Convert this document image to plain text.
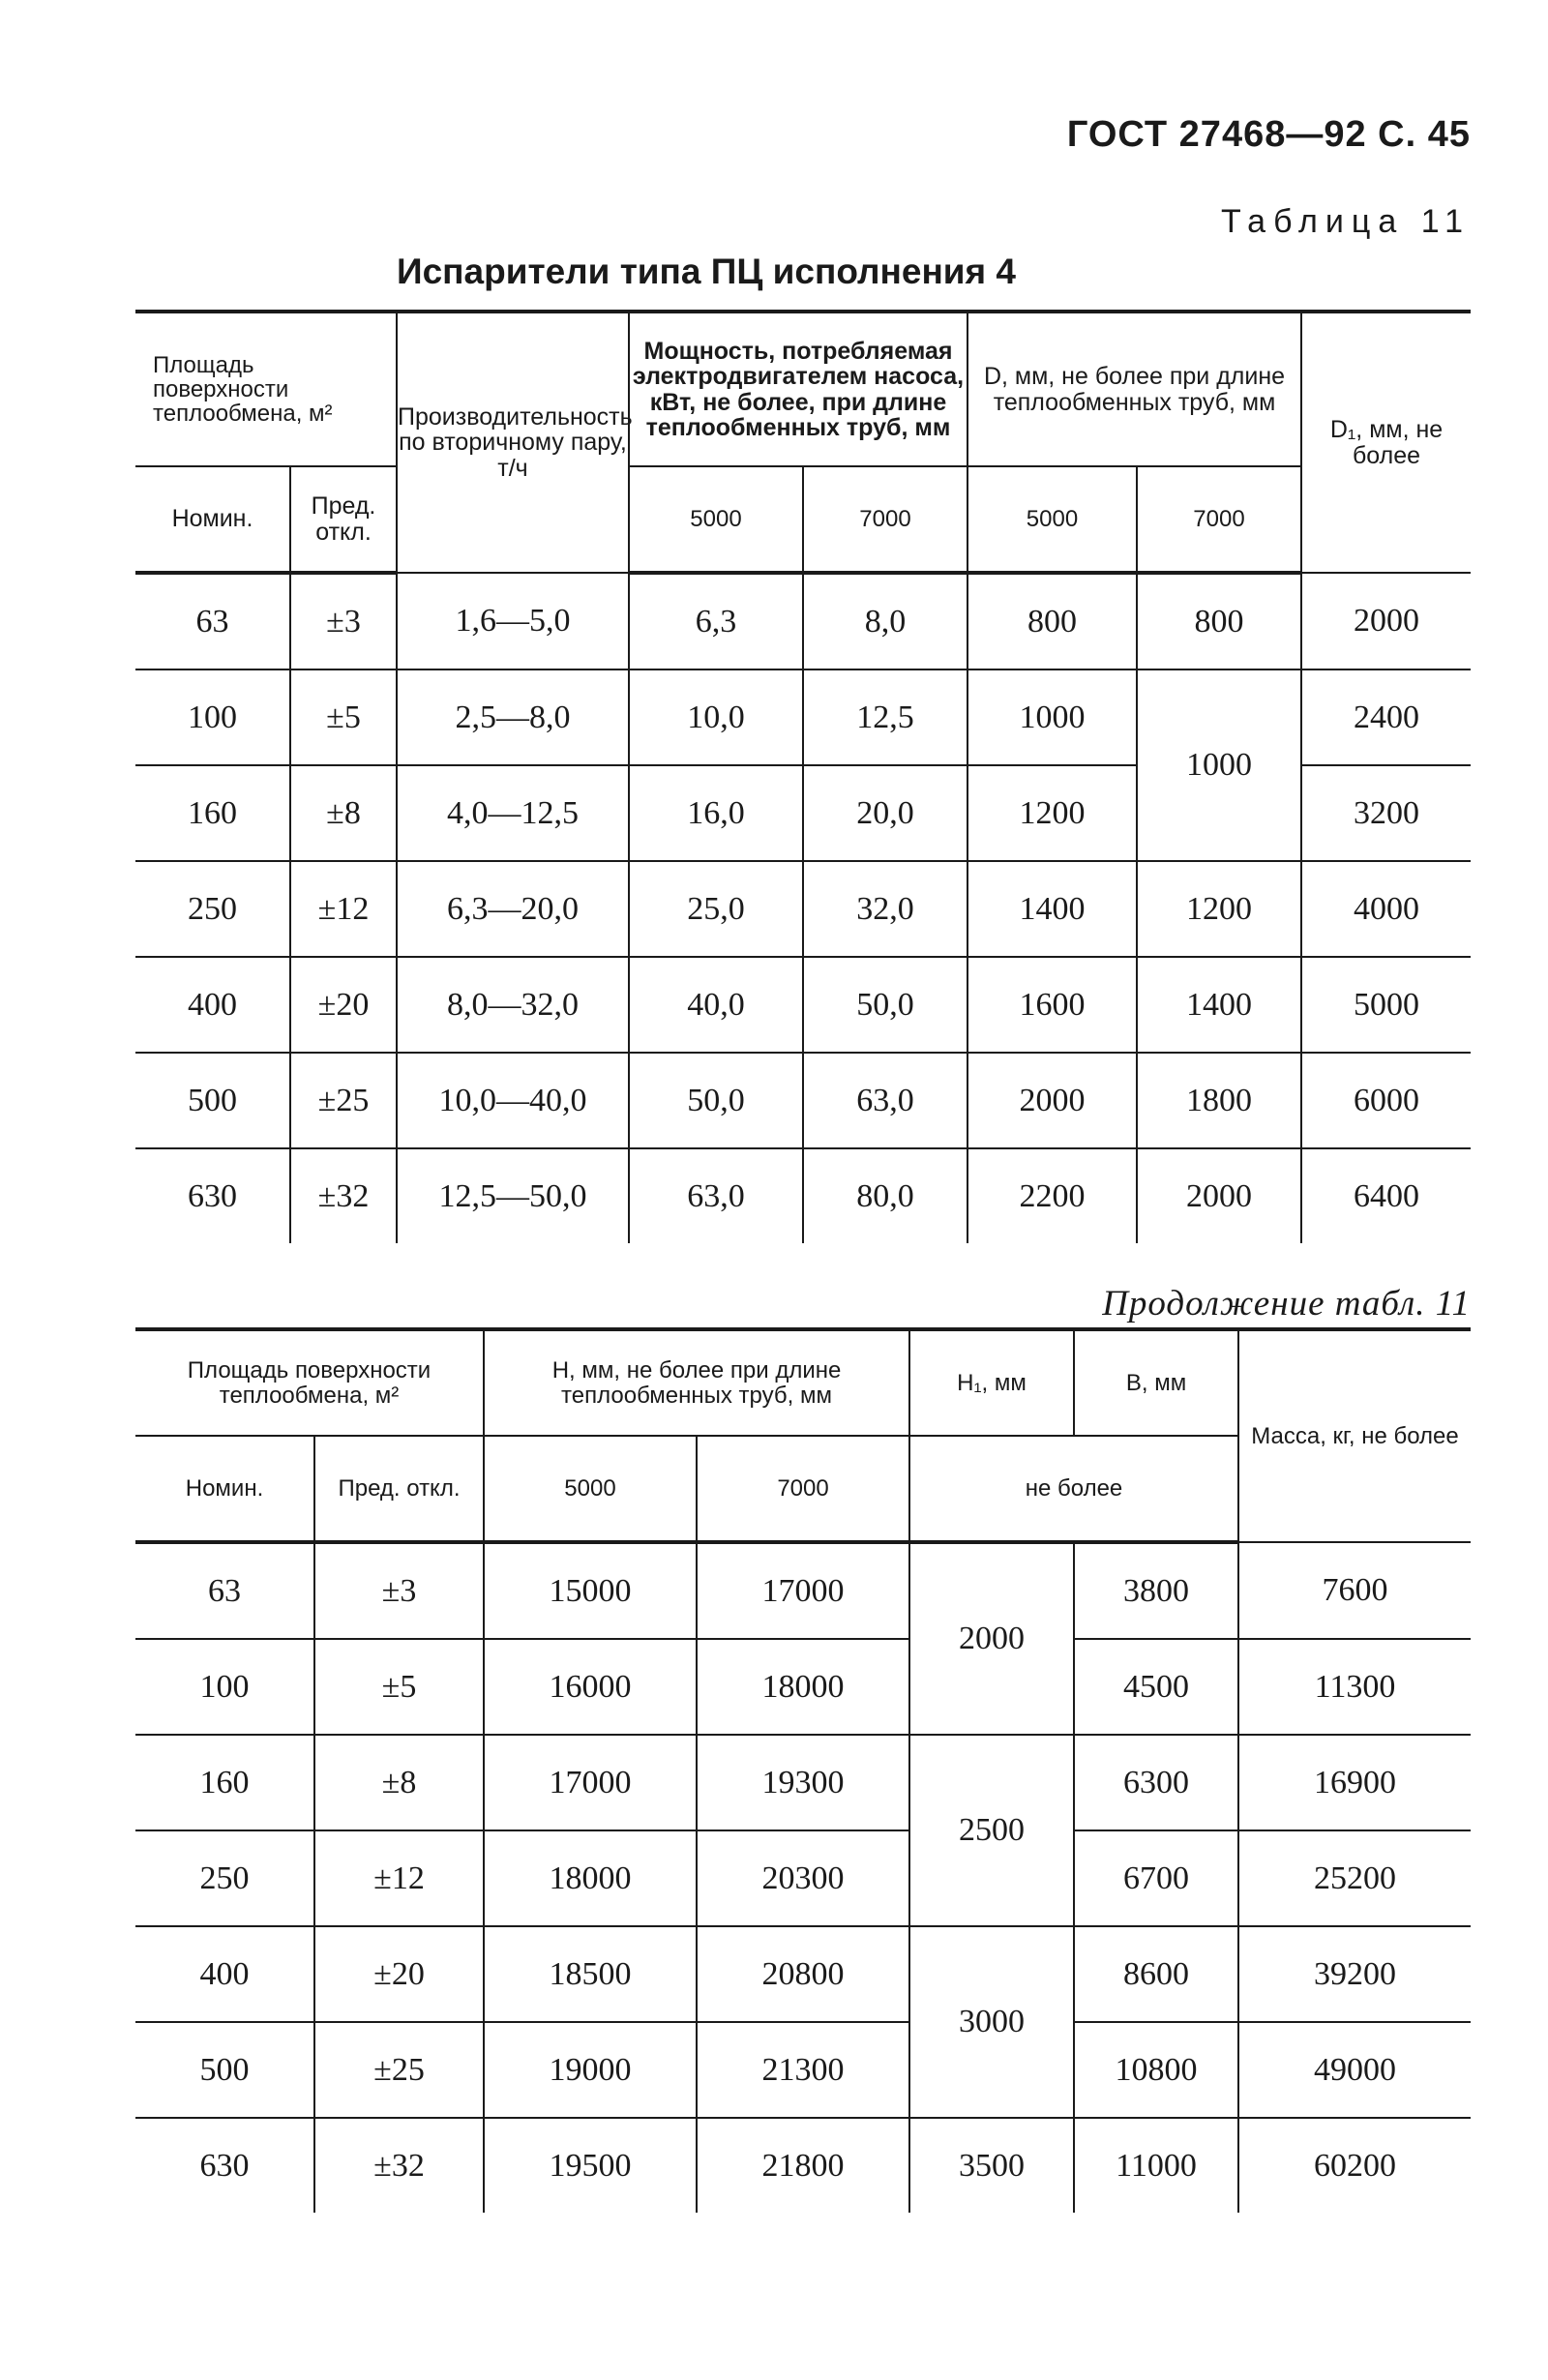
ГОСТ 27468—92 С. 45
Таблица 11
Испарители типа ПЦ исполнения 4
Площадь поверхности теплообмена, м²		Производительность по вторичному пару, т/ч	Мощность, потребляемая электродвигателем насоса, кВт, не более, при длине теплообменных труб, мм		D, мм, не более при длине теплообменных труб, мм		D₁, мм, не более
Номин.	Пред. откл.		5000	7000	5000	7000	
63	±3	1,6—5,0	6,3	8,0	800	800	2000
100	±5	2,5—8,0	10,0	12,5	1000	1000	2400
160	±8	4,0—12,5	16,0	20,0	1200		3200
250	±12	6,3—20,0	25,0	32,0	1400	1200	4000
400	±20	8,0—32,0	40,0	50,0	1600	1400	5000
500	±25	10,0—40,0	50,0	63,0	2000	1800	6000
630	±32	12,5—50,0	63,0	80,0	2200	2000	6400
Продолжение табл. 11
Площадь поверхности теплообмена, м²		H, мм, не более при длине теплообменных труб, мм		H₁, мм	B, мм	Масса, кг, не более
Номин.	Пред. откл.	5000	7000	не более		
63	±3	15000	17000	2000	3800	7600
100	±5	16000	18000		4500	11300
160	±8	17000	19300	2500	6300	16900
250	±12	18000	20300		6700	25200
400	±20	18500	20800	3000	8600	39200
500	±25	19000	21300		10800	49000
630	±32	19500	21800	3500	11000	60200
